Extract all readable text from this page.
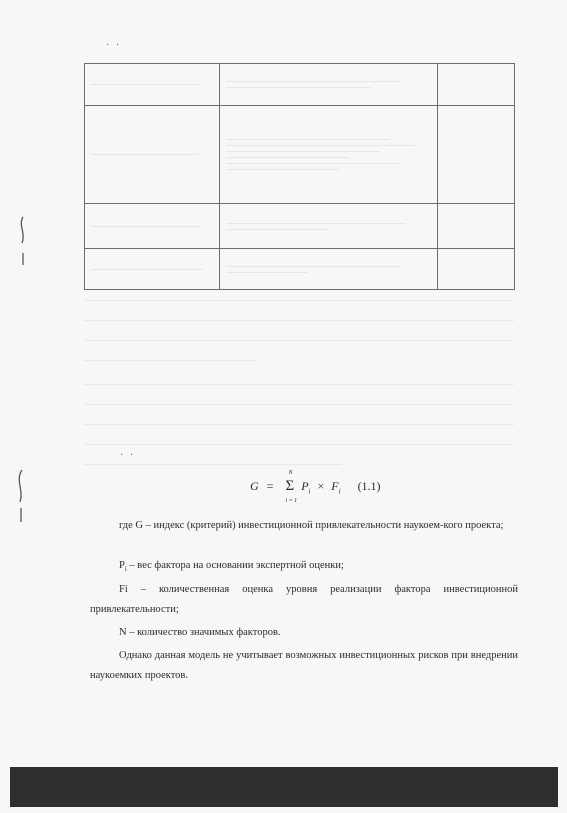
· ·
· ·

G = Σ
N
i = 1
$P_i \times F_i$ (1.1)
где G – индекс (критерий) инвестиционной привлекательности наукоем-кого проекта;
$P_i$ – вес фактора на основании экспертной оценки;
Fi – количественная оценка уровня реализации фактора инвестиционной привлекательности;
N – количество значимых факторов.
Однако данная модель не учитывает возможных инвестиционных рисков при внедрении наукоемких проектов.
